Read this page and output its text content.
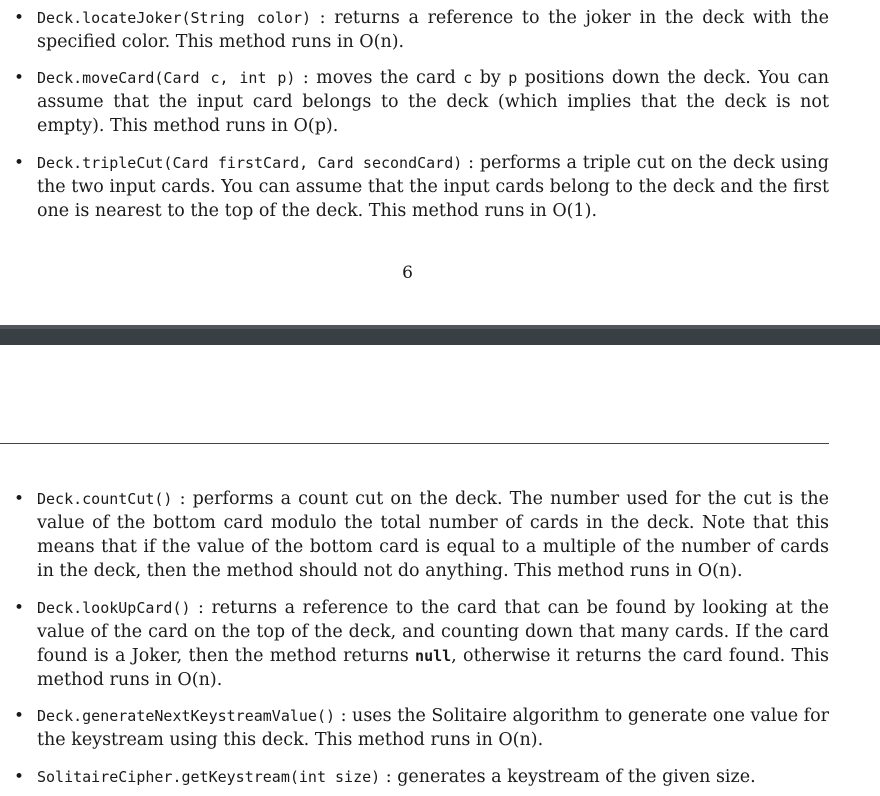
• Deck.locateJoker(String color) : returns a reference to the joker in the deck with the specified color. This method runs in O(n).
• Deck.moveCard(Card c, int p) : moves the card c by p positions down the deck. You can assume that the input card belongs to the deck (which implies that the deck is not empty). This method runs in O(p).
• Deck.tripleCut(Card firstCard, Card secondCard) : performs a triple cut on the deck using the two input cards. You can assume that the input cards belong to the deck and the first one is nearest to the top of the deck. This method runs in O(1).
6
• Deck.countCut() : performs a count cut on the deck. The number used for the cut is the value of the bottom card modulo the total number of cards in the deck. Note that this means that if the value of the bottom card is equal to a multiple of the number of cards in the deck, then the method should not do anything. This method runs in O(n).
• Deck.lookUpCard() : returns a reference to the card that can be found by looking at the value of the card on the top of the deck, and counting down that many cards. If the card found is a Joker, then the method returns null, otherwise it returns the card found. This method runs in O(n).
• Deck.generateNextKeystreamValue() : uses the Solitaire algorithm to generate one value for the keystream using this deck. This method runs in O(n).
• SolitaireCipher.getKeystream(int size) : generates a keystream of the given size.
